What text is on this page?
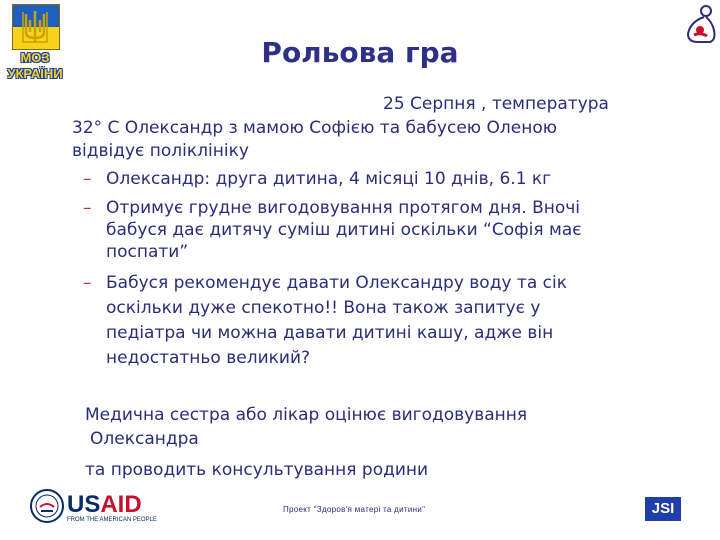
МОЗ
УКРАЇНИ
Рольова гра
25 Серпня , температура
32° С Олександр з мамою Софією та бабусею Оленою
відвідує поліклініку
– Олександр: друга дитина, 4 місяці 10 днів, 6.1 кг
– Отримує грудне вигодовування протягом дня. Вночі
бабуся дає дитячу суміш дитині оскільки “Софія має
поспати”
– Бабуся рекомендує давати Олександру воду та сік
оскільки дуже спекотно!! Вона також запитує у
педіатра чи можна давати дитині кашу, адже він
недостатньо великий?
Медична сестра або лікар оцінює вигодовування
Олександра
та проводить консультування родини
USAID
FROM THE AMERICAN PEOPLE
Проект "Здоров'я матері та дитини"	JSI
